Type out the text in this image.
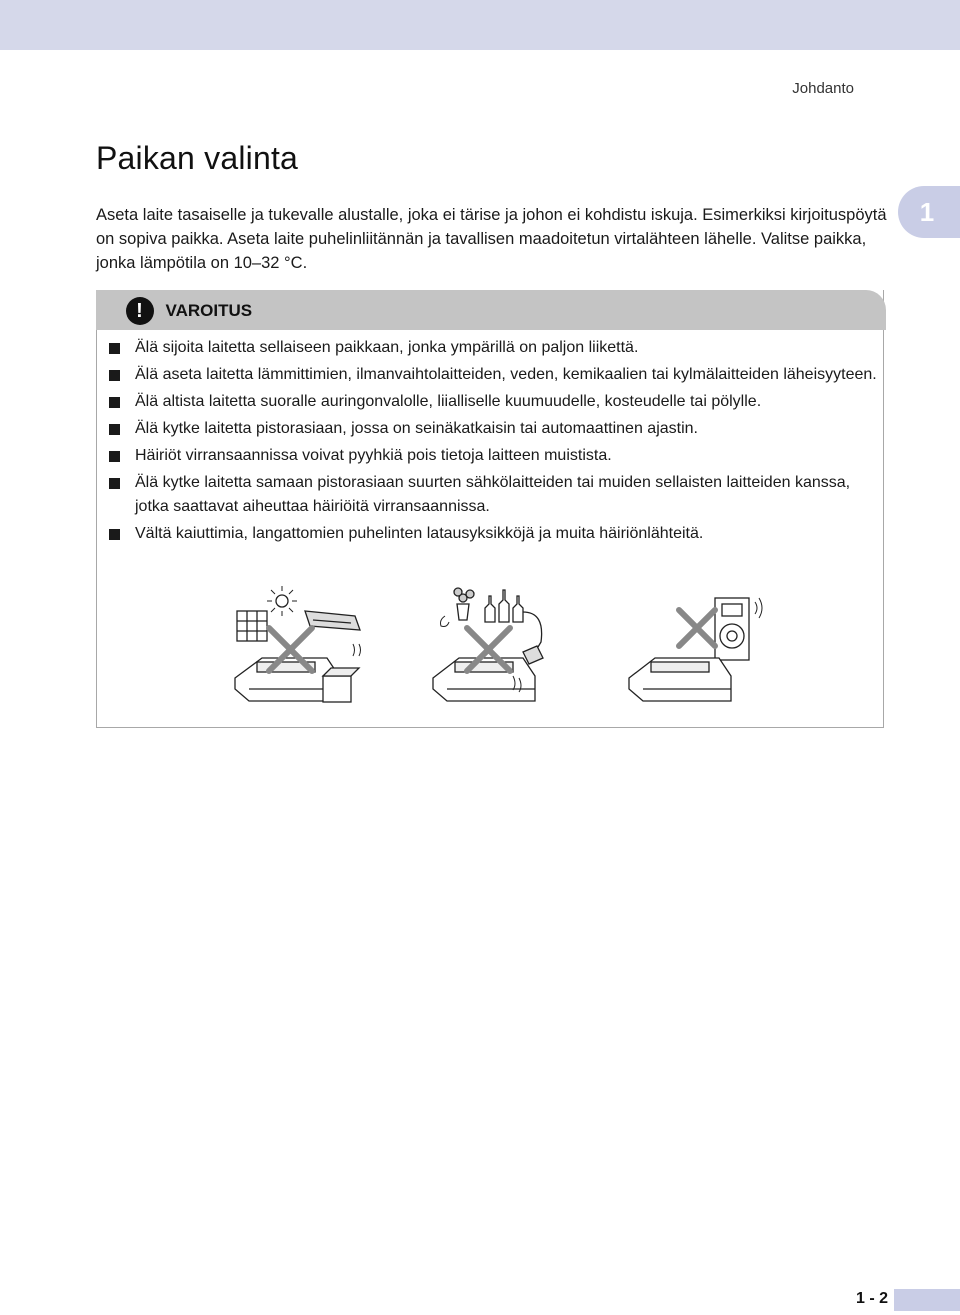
Johdanto
1
Paikan valinta

Aseta laite tasaiselle ja tukevalle alustalle, joka ei tärise ja johon ei kohdistu iskuja. Esimerkiksi kirjoituspöytä on sopiva paikka. Aseta laite puhelinliitännän ja tavallisen maadoitetun virtalähteen lähelle. Valitse paikka, jonka lämpötila on 10–32 °C.

!	VAROITUS
Älä sijoita laitetta sellaiseen paikkaan, jonka ympärillä on paljon liikettä.
Älä aseta laitetta lämmittimien, ilmanvaihtolaitteiden, veden, kemikaalien tai kylmälaitteiden läheisyyteen.
Älä altista laitetta suoralle auringonvalolle, liialliselle kuumuudelle, kosteudelle tai pölylle.
Älä kytke laitetta pistorasiaan, jossa on seinäkatkaisin tai automaattinen ajastin.
Häiriöt virransaannissa voivat pyyhkiä pois tietoja laitteen muistista.
Älä kytke laitetta samaan pistorasiaan suurten sähkölaitteiden tai muiden sellaisten laitteiden kanssa, jotka saattavat aiheuttaa häiriöitä virransaannissa.
Vältä kaiuttimia, langattomien puhelinten latausyksikköjä ja muita häiriönlähteitä.
1 - 2
